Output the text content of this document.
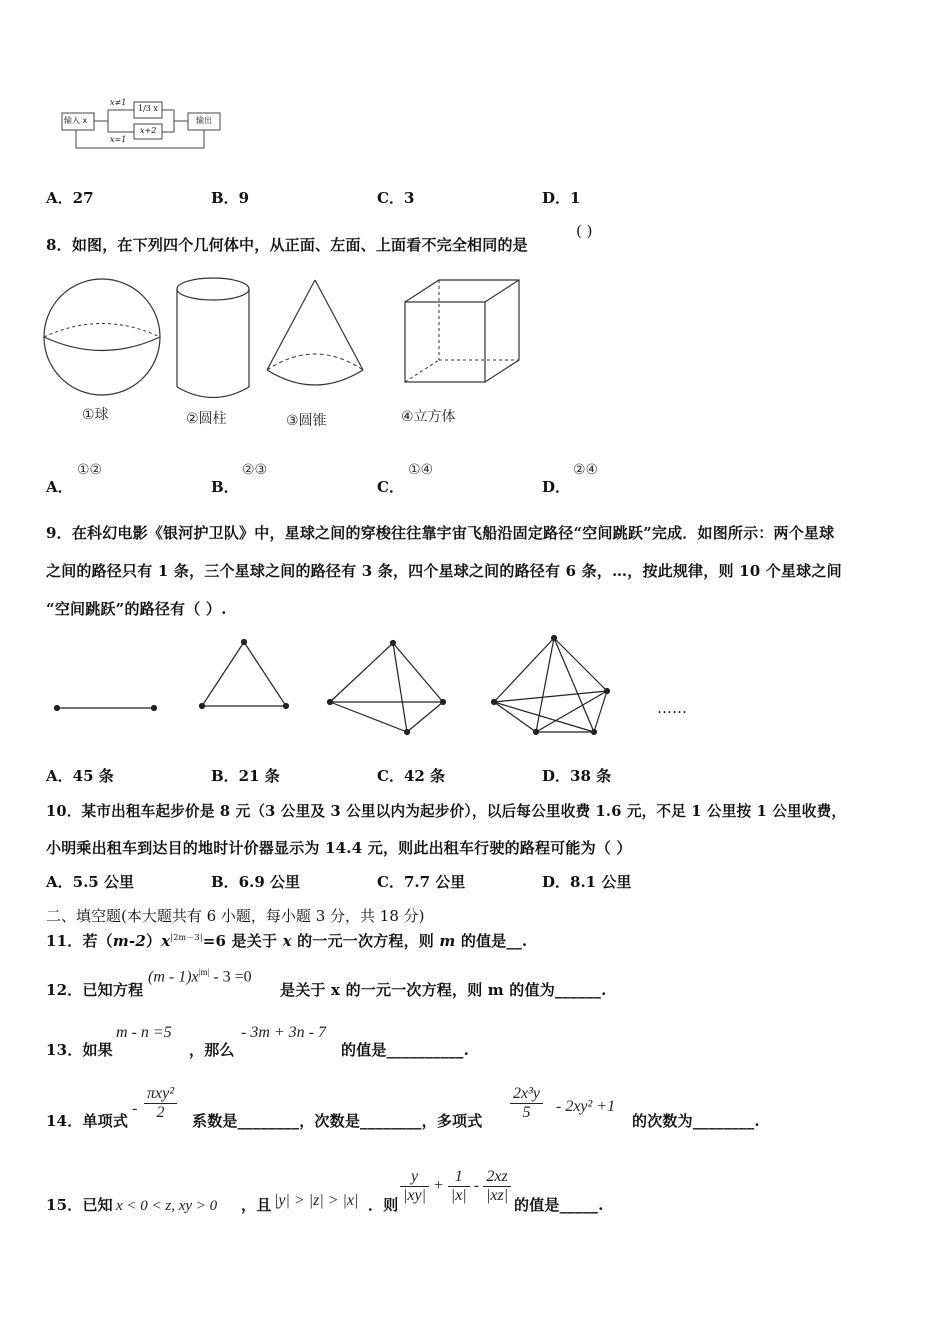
输入 x
x≠1
1/3 x
x+2
x=1
输出
A．27	B．9	C．3	D．1
8．如图，在下列四个几何体中，从正面、左面、上面看不完全相同的是
( )
①球	②圆柱	③圆锥	④立方体
A．
①②
B．
②③
C．
①④
D．
②④
9．在科幻电影《银河护卫队》中，星球之间的穿梭往往靠宇宙飞船沿固定路径“空间跳跃”完成．如图所示：两个星球
之间的路径只有 1 条，三个星球之间的路径有 3 条，四个星球之间的路径有 6 条，…，按此规律，则 10 个星球之间
“空间跳跃”的路径有（ ）.
……
A．45 条	B．21 条	C．42 条	D．38 条
10．某市出租车起步价是 8 元（3 公里及 3 公里以内为起步价），以后每公里收费 1.6 元，不足 1 公里按 1 公里收费，
小明乘出租车到达目的地时计价器显示为 14.4 元，则此出租车行驶的路程可能为（ ）
A．5.5 公里	B．6.9 公里	C．7.7 公里	D．8.1 公里
二、填空题(本大题共有 6 小题，每小题 3 分，共 18 分)
11．若$(m-2)x^{|2m-3|}=6$ 是关于 x 的一元一次方程，则 m 的值是__.
12．已知方程
$(m - 1)x^{|m|} - 3 =0$
是关于 x 的一元一次方程，则 m 的值为______.
13．如果
m - n =5
，那么
- 3m + 3n - 7
的值是__________.
14．单项式
- $\frac{\text{πxy²}}{2}$ 系数是________，次数是________，多项式 $\frac{\text{2x³y}}{5} - 2xy^2 +1$
的次数为________.
15．已知 x < 0 < z, xy > 0 ，且 |y| > |z| > |x| ．则 $\frac{y}{|xy|} + \frac{1}{|x|} - \frac{2xz}{|xz|}$ 的值是_____.
